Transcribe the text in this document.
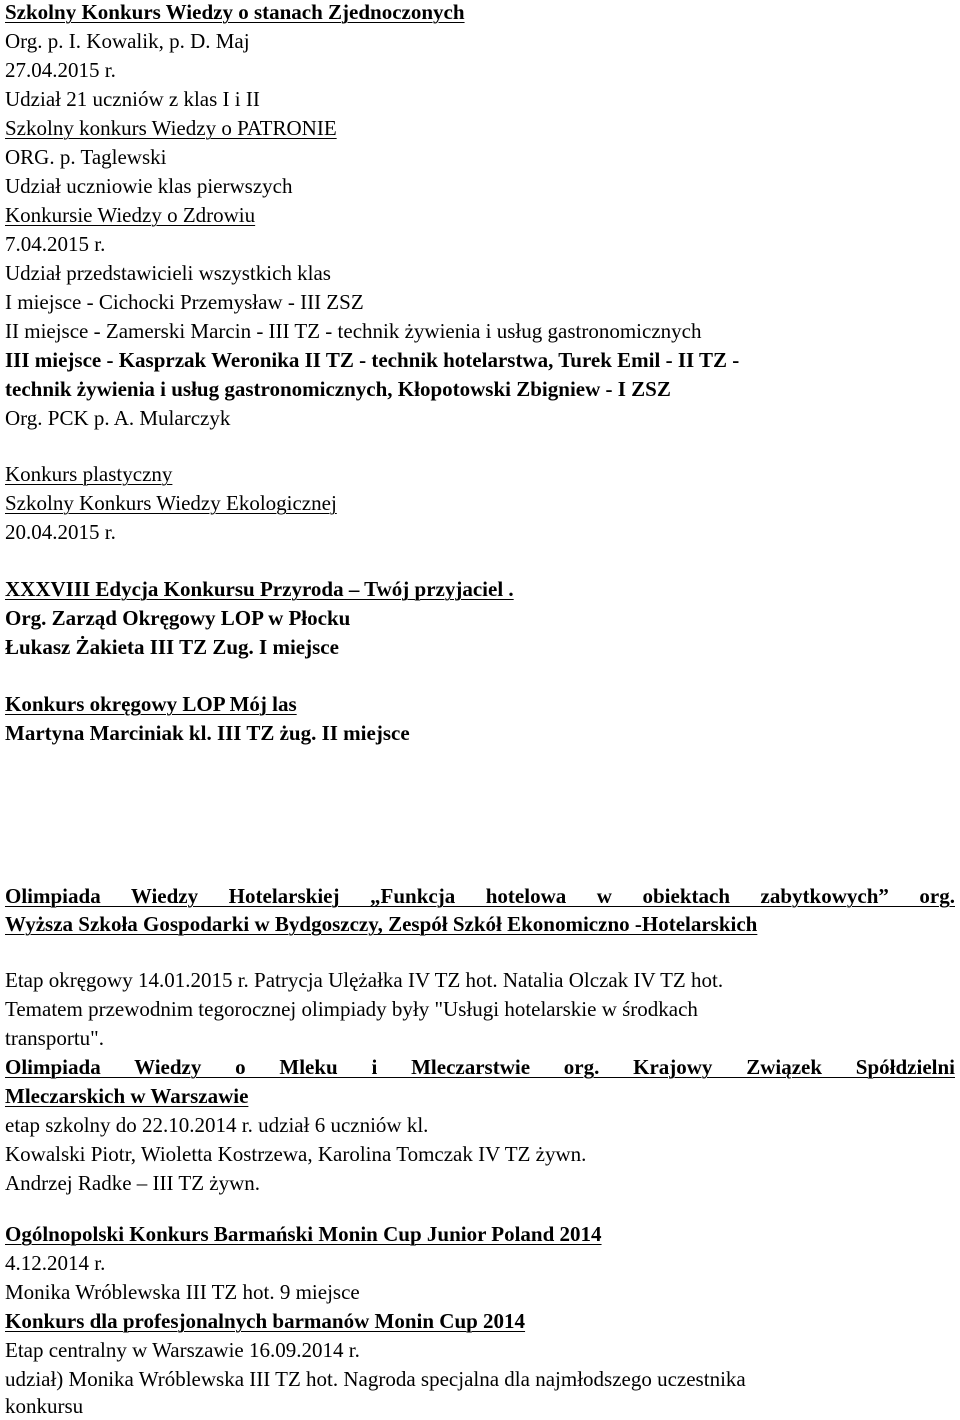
Szkolny Konkurs Wiedzy o stanach Zjednoczonych
Org. p. I. Kowalik, p. D. Maj
27.04.2015 r.
Udział 21 uczniów z klas I i II
Szkolny konkurs Wiedzy o PATRONIE
ORG. p. Taglewski
Udział uczniowie klas pierwszych
Konkursie Wiedzy o Zdrowiu
7.04.2015 r.
Udział przedstawicieli wszystkich klas
I miejsce - Cichocki Przemysław - III ZSZ
II miejsce - Zamerski Marcin - III TZ - technik żywienia i usług gastronomicznych
III miejsce - Kasprzak Weronika II TZ - technik hotelarstwa, Turek Emil - II TZ -
technik żywienia i usług gastronomicznych, Kłopotowski Zbigniew - I ZSZ
Org. PCK p. A. Mularczyk
Konkurs plastyczny
Szkolny Konkurs Wiedzy Ekologicznej
20.04.2015 r.
XXXVIII Edycja Konkursu Przyroda – Twój przyjaciel .
Org. Zarząd Okręgowy LOP w Płocku
Łukasz Żakieta III TZ Zug. I miejsce
Konkurs okręgowy LOP Mój las
Martyna Marciniak kl. III TZ żug. II miejsce
Olimpiada Wiedzy Hotelarskiej „Funkcja hotelowa w obiektach zabytkowych” org.
Wyższa Szkoła Gospodarki w Bydgoszczy, Zespół Szkół Ekonomiczno -Hotelarskich
Etap okręgowy 14.01.2015 r. Patrycja Ulężałka IV TZ hot. Natalia Olczak IV TZ hot.
Tematem przewodnim tegorocznej olimpiady były "Usługi hotelarskie w środkach
transportu".
Olimpiada Wiedzy o Mleku i Mleczarstwie org. Krajowy Związek Spółdzielni
Mleczarskich w Warszawie
etap szkolny do 22.10.2014 r. udział 6 uczniów kl.
Kowalski Piotr, Wioletta Kostrzewa, Karolina Tomczak IV TZ żywn.
Andrzej Radke – III TZ żywn.
Ogólnopolski Konkurs Barmański Monin Cup Junior Poland 2014
4.12.2014 r.
Monika Wróblewska III TZ hot. 9 miejsce
Konkurs dla profesjonalnych barmanów Monin Cup 2014
Etap centralny w Warszawie 16.09.2014 r.
udział) Monika Wróblewska III TZ hot. Nagroda specjalna dla najmłodszego uczestnika
konkursu
